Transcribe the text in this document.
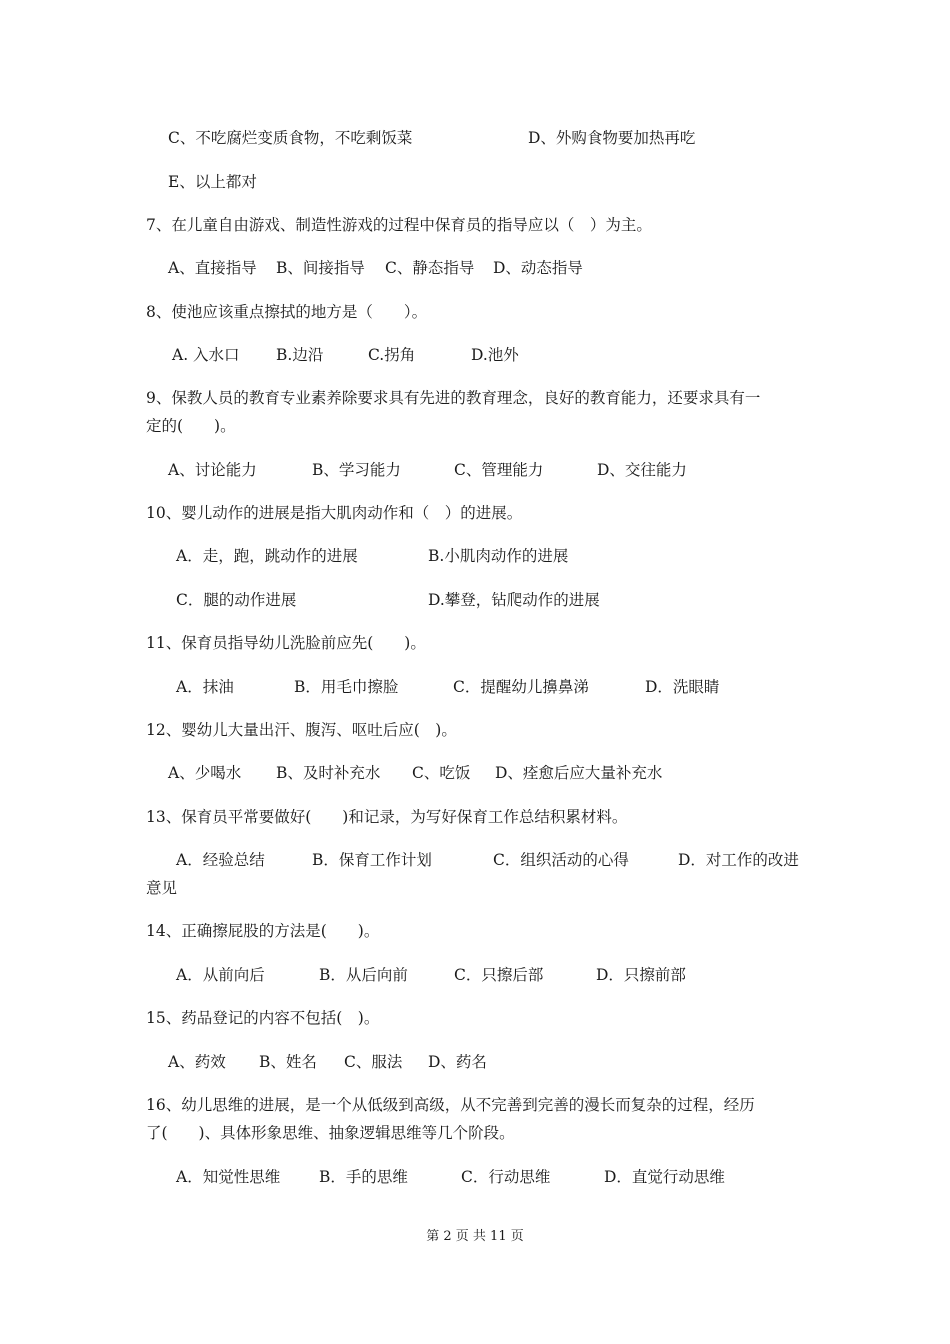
C、不吃腐烂变质食物，不吃剩饭菜	D、外购食物要加热再吃
E、以上都对
7、在儿童自由游戏、制造性游戏的过程中保育员的指导应以（　）为主。
A、直接指导 B、间接指导 C、静态指导 D、动态指导
8、使池应该重点擦拭的地方是（　　）。
A. 入水口 B.边沿	C.拐角	D.池外
9、保教人员的教育专业素养除要求具有先进的教育理念，良好的教育能力，还要求具有一
定的(　　)。
A、讨论能力	B、学习能力	C、管理能力	D、交往能力
10、婴儿动作的进展是指大肌肉动作和（　）的进展。
A．走，跑，跳动作的进展	B.小肌肉动作的进展
C．腿的动作进展	D.攀登，钻爬动作的进展
11、保育员指导幼儿洗脸前应先(　　)。
A．抹油	B．用毛巾擦脸	C．提醒幼儿擤鼻涕	D．洗眼睛
12、婴幼儿大量出汗、腹泻、呕吐后应(　)。
A、少喝水 B、及时补充水 C、吃饭 D、痊愈后应大量补充水
13、保育员平常要做好(　　)和记录，为写好保育工作总结积累材料。
A．经验总结	B．保育工作计划	C．组织活动的心得	D．对工作的改进
意见
14、正确擦屁股的方法是(　　)。
A．从前向后	B．从后向前	C．只擦后部	D．只擦前部
15、药品登记的内容不包括(　)。
A、药效 B、姓名 C、服法 D、药名
16、幼儿思维的进展，是一个从低级到高级，从不完善到完善的漫长而复杂的过程，经历
了(　　)、具体形象思维、抽象逻辑思维等几个阶段。
A．知觉性思维	B．手的思维	C．行动思维	D．直觉行动思维
第 2 页 共 11 页
